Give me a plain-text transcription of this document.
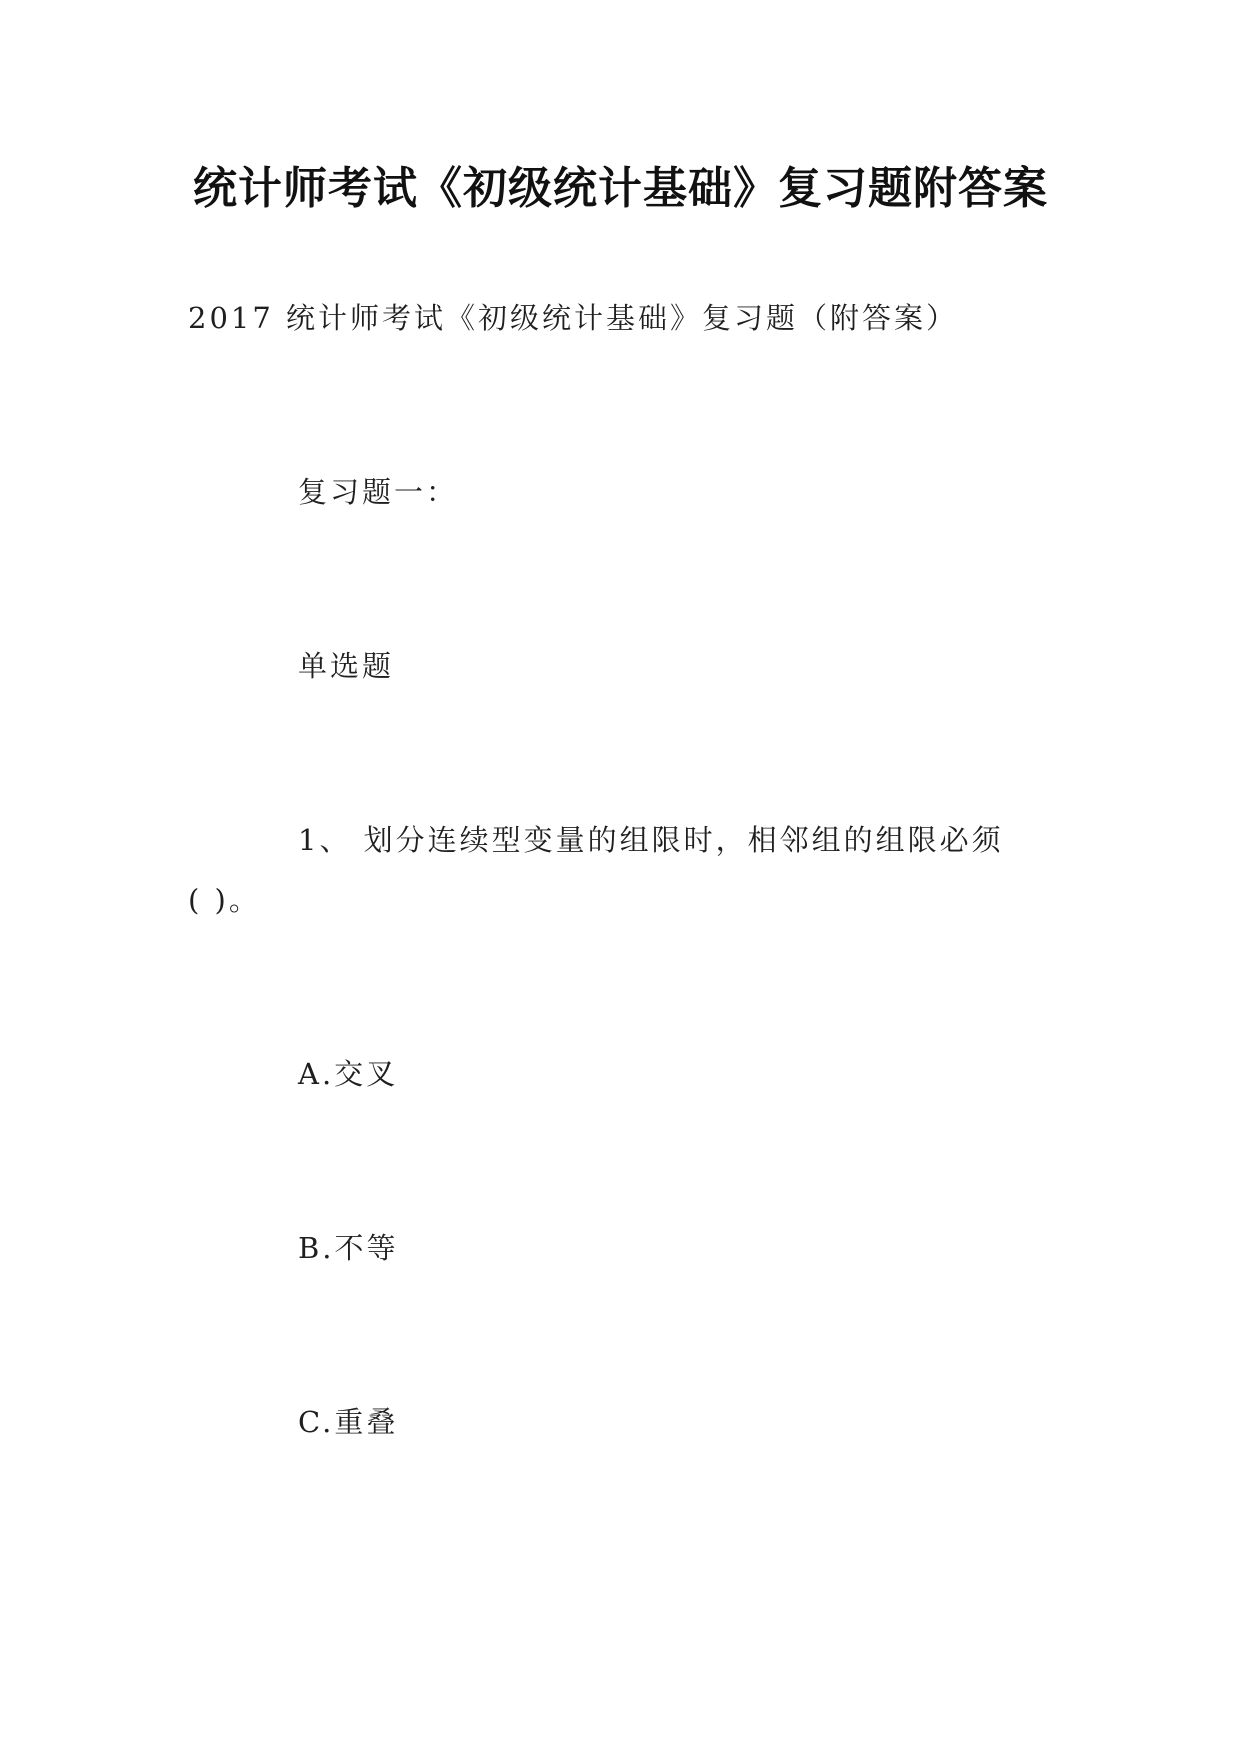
统计师考试《初级统计基础》复习题附答案

2017 统计师考试《初级统计基础》复习题（附答案）

复习题一：

单选题

1、 划分连续型变量的组限时，相邻组的组限必须

( )。

A.交叉

B.不等

C.重叠
